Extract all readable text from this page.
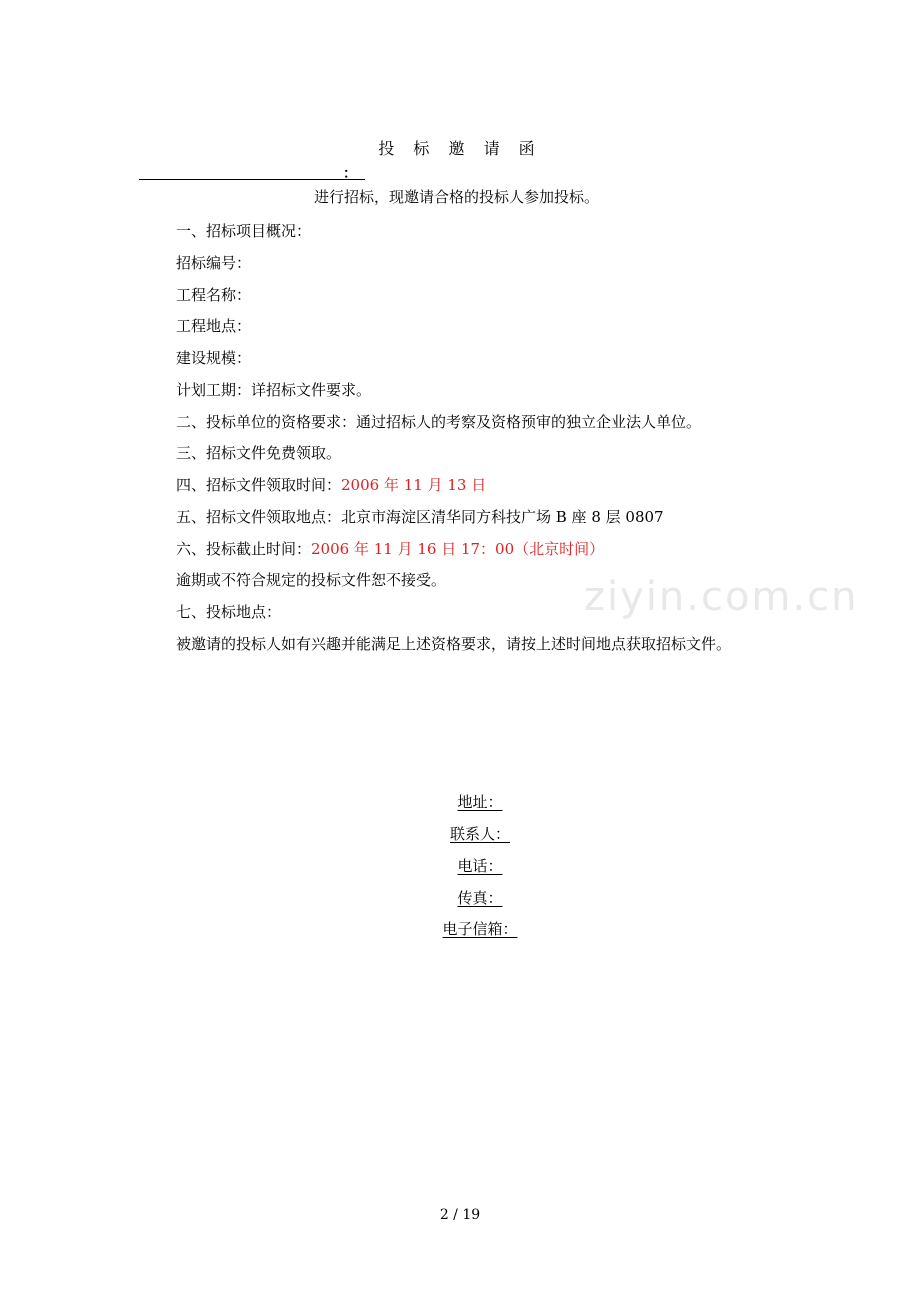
ziyin.com.cn
投 标 邀 请 函
：
进行招标，现邀请合格的投标人参加投标。
一、招标项目概况：
招标编号：
工程名称：
工程地点：
建设规模：
计划工期：详招标文件要求。
二、投标单位的资格要求：通过招标人的考察及资格预审的独立企业法人单位。
三、招标文件免费领取。
四、招标文件领取时间：2006 年 11 月 13 日
五、招标文件领取地点：北京市海淀区清华同方科技广场 B 座 8 层 0807
六、投标截止时间：2006 年 11 月 16 日 17：00（北京时间）
逾期或不符合规定的投标文件恕不接受。
七、投标地点：
被邀请的投标人如有兴趣并能满足上述资格要求，请按上述时间地点获取招标文件。
地址：
联系人：
电话：
传真：
电子信箱：
2 / 19
